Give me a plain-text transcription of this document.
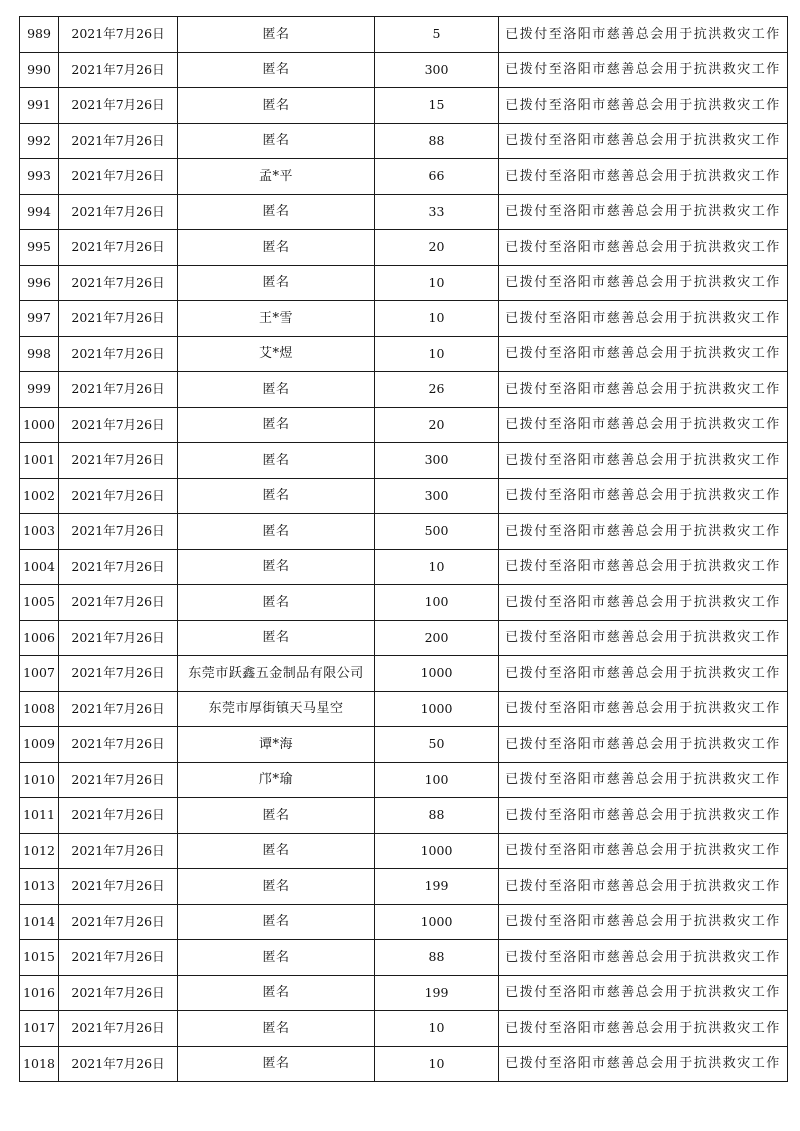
989	2021年7月26日	匿名	5	已拨付至洛阳市慈善总会用于抗洪救灾工作
990	2021年7月26日	匿名	300	已拨付至洛阳市慈善总会用于抗洪救灾工作
991	2021年7月26日	匿名	15	已拨付至洛阳市慈善总会用于抗洪救灾工作
992	2021年7月26日	匿名	88	已拨付至洛阳市慈善总会用于抗洪救灾工作
993	2021年7月26日	孟*平	66	已拨付至洛阳市慈善总会用于抗洪救灾工作
994	2021年7月26日	匿名	33	已拨付至洛阳市慈善总会用于抗洪救灾工作
995	2021年7月26日	匿名	20	已拨付至洛阳市慈善总会用于抗洪救灾工作
996	2021年7月26日	匿名	10	已拨付至洛阳市慈善总会用于抗洪救灾工作
997	2021年7月26日	王*雪	10	已拨付至洛阳市慈善总会用于抗洪救灾工作
998	2021年7月26日	艾*煜	10	已拨付至洛阳市慈善总会用于抗洪救灾工作
999	2021年7月26日	匿名	26	已拨付至洛阳市慈善总会用于抗洪救灾工作
1000	2021年7月26日	匿名	20	已拨付至洛阳市慈善总会用于抗洪救灾工作
1001	2021年7月26日	匿名	300	已拨付至洛阳市慈善总会用于抗洪救灾工作
1002	2021年7月26日	匿名	300	已拨付至洛阳市慈善总会用于抗洪救灾工作
1003	2021年7月26日	匿名	500	已拨付至洛阳市慈善总会用于抗洪救灾工作
1004	2021年7月26日	匿名	10	已拨付至洛阳市慈善总会用于抗洪救灾工作
1005	2021年7月26日	匿名	100	已拨付至洛阳市慈善总会用于抗洪救灾工作
1006	2021年7月26日	匿名	200	已拨付至洛阳市慈善总会用于抗洪救灾工作
1007	2021年7月26日	东莞市跃鑫五金制品有限公司	1000	已拨付至洛阳市慈善总会用于抗洪救灾工作
1008	2021年7月26日	东莞市厚街镇天马星空	1000	已拨付至洛阳市慈善总会用于抗洪救灾工作
1009	2021年7月26日	谭*海	50	已拨付至洛阳市慈善总会用于抗洪救灾工作
1010	2021年7月26日	邝*瑜	100	已拨付至洛阳市慈善总会用于抗洪救灾工作
1011	2021年7月26日	匿名	88	已拨付至洛阳市慈善总会用于抗洪救灾工作
1012	2021年7月26日	匿名	1000	已拨付至洛阳市慈善总会用于抗洪救灾工作
1013	2021年7月26日	匿名	199	已拨付至洛阳市慈善总会用于抗洪救灾工作
1014	2021年7月26日	匿名	1000	已拨付至洛阳市慈善总会用于抗洪救灾工作
1015	2021年7月26日	匿名	88	已拨付至洛阳市慈善总会用于抗洪救灾工作
1016	2021年7月26日	匿名	199	已拨付至洛阳市慈善总会用于抗洪救灾工作
1017	2021年7月26日	匿名	10	已拨付至洛阳市慈善总会用于抗洪救灾工作
1018	2021年7月26日	匿名	10	已拨付至洛阳市慈善总会用于抗洪救灾工作
